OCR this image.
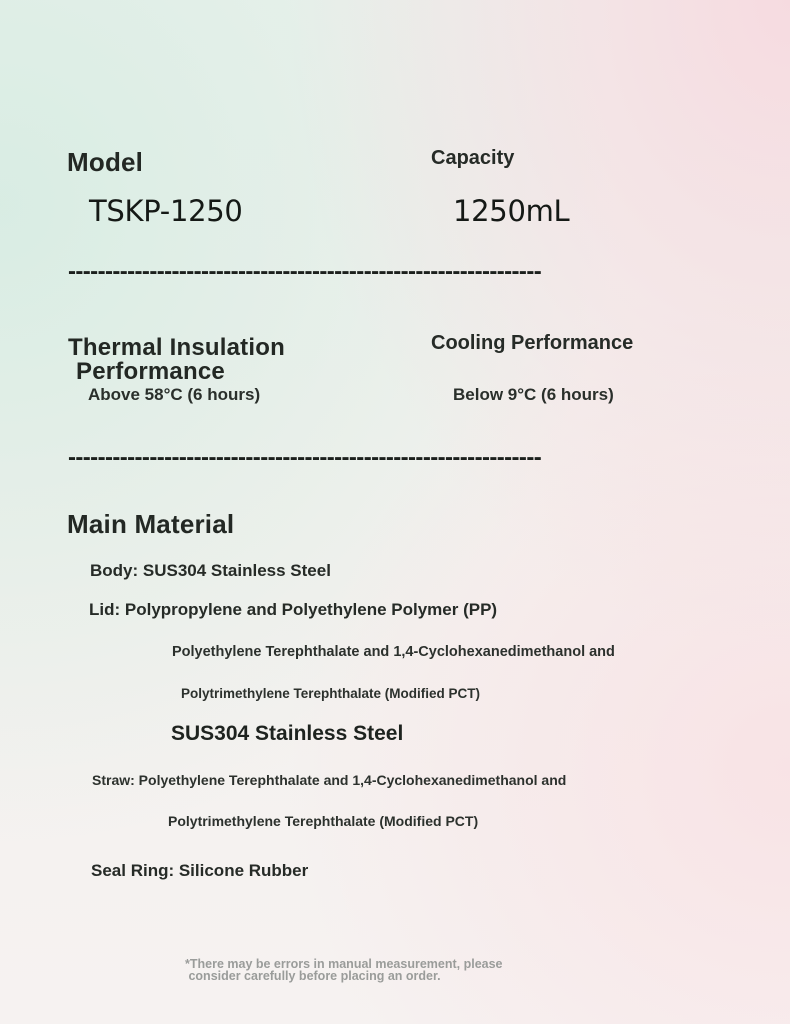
Model
TSKP-1250
Capacity
1250mL
----------------------------------------------------------------
Thermal Insulation
Performance
Above 58°C (6 hours)
Cooling Performance
Below 9°C (6 hours)
----------------------------------------------------------------
Main Material
Body: SUS304 Stainless Steel
Lid: Polypropylene and Polyethylene Polymer (PP)
Polyethylene Terephthalate and 1,4-Cyclohexanedimethanol and
Polytrimethylene Terephthalate (Modified PCT)
SUS304 Stainless Steel
Straw: Polyethylene Terephthalate and 1,4-Cyclohexanedimethanol and
Polytrimethylene Terephthalate (Modified PCT)
Seal Ring: Silicone Rubber
*There may be errors in manual measurement, please
consider carefully before placing an order.
